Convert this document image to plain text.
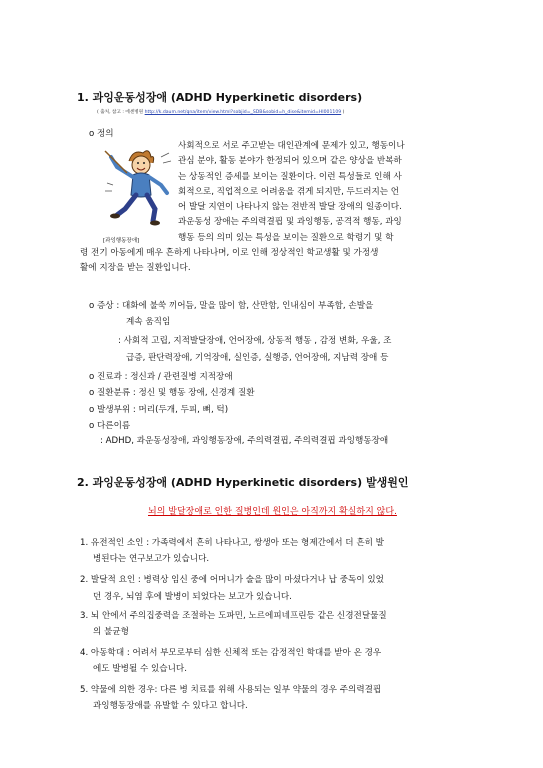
1. 과잉운동성장애 (ADHD Hyperkinetic disorders)
( 출처, 참고 : 에센병원 http://k.daum.net/qna/item/view.html?sobjid=_SDB&sobid=h_dise&itemid=HI001109 )
o 정의
[과잉행동장애]
사회적으로 서로 주고받는 대인관계에 문제가 있고, 행동이나
관심 분야, 활동 분야가 한정되어 있으며 같은 양상을 반복하
는 상동적인 증세를 보이는 질환이다. 이런 특성들로 인해 사
회적으로, 직업적으로 어려움을 겪게 되지만, 두드러지는 언
어 발달 지연이 나타나지 않는 전반적 발달 장애의 일종이다.
과운동성 장애는 주의력결핍 및 과잉행동, 공격적 행동, 과잉
행동 등의 의미 있는 특성을 보이는 질환으로 학령기 및 학
령 전기 아동에게 매우 흔하게 나타나며, 이로 인해 정상적인 학교생활 및 가정생
활에 지장을 받는 질환입니다.
o 증상 : 대화에 불쑥 끼어듬, 말을 많이 함, 산만함, 인내심이 부족함, 손발을
계속 움직임
: 사회적 고립, 지적발달장애, 언어장애, 상동적 행동 , 감정 변화, 우울, 조
급증, 판단력장애, 기억장애, 실인증, 실행증, 언어장애, 지남력 장애 등
o 진료과 : 정신과 / 관련질병 지적장애
o 질환분류 : 정신 및 행동 장애, 신경계 질환
o 발생부위 : 머리(두개, 두피, 뼈, 턱)
o 다른이름
: ADHD, 과운동성장애, 과잉행동장애, 주의력결핍, 주의력결핍 과잉행동장애
2. 과잉운동성장애 (ADHD Hyperkinetic disorders) 발생원인
뇌의 발달장애로 인한 질병인데 원인은 아직까지 확실하지 않다.
1. 유전적인 소인 : 가족력에서 흔히 나타나고, 쌍생아 또는 형제간에서 더 흔히 발
병된다는 연구보고가 있습니다.
2. 발달적 요인 : 병력상 임신 중에 어머니가 술을 많이 마셨다거나 납 중독이 있었
던 경우, 뇌염 후에 발병이 되었다는 보고가 있습니다.
3. 뇌 안에서 주의집중력을 조절하는 도파민, 노르에피네프린등 같은 신경전달물질
의 불균형
4. 아동학대 : 어려서 부모로부터 심한 신체적 또는 감정적인 학대를 받아 온 경우
에도 발병될 수 있습니다.
5. 약물에 의한 경우: 다른 병 치료를 위해 사용되는 일부 약물의 경우 주의력결핍
과잉행동장애를 유발할 수 있다고 합니다.
